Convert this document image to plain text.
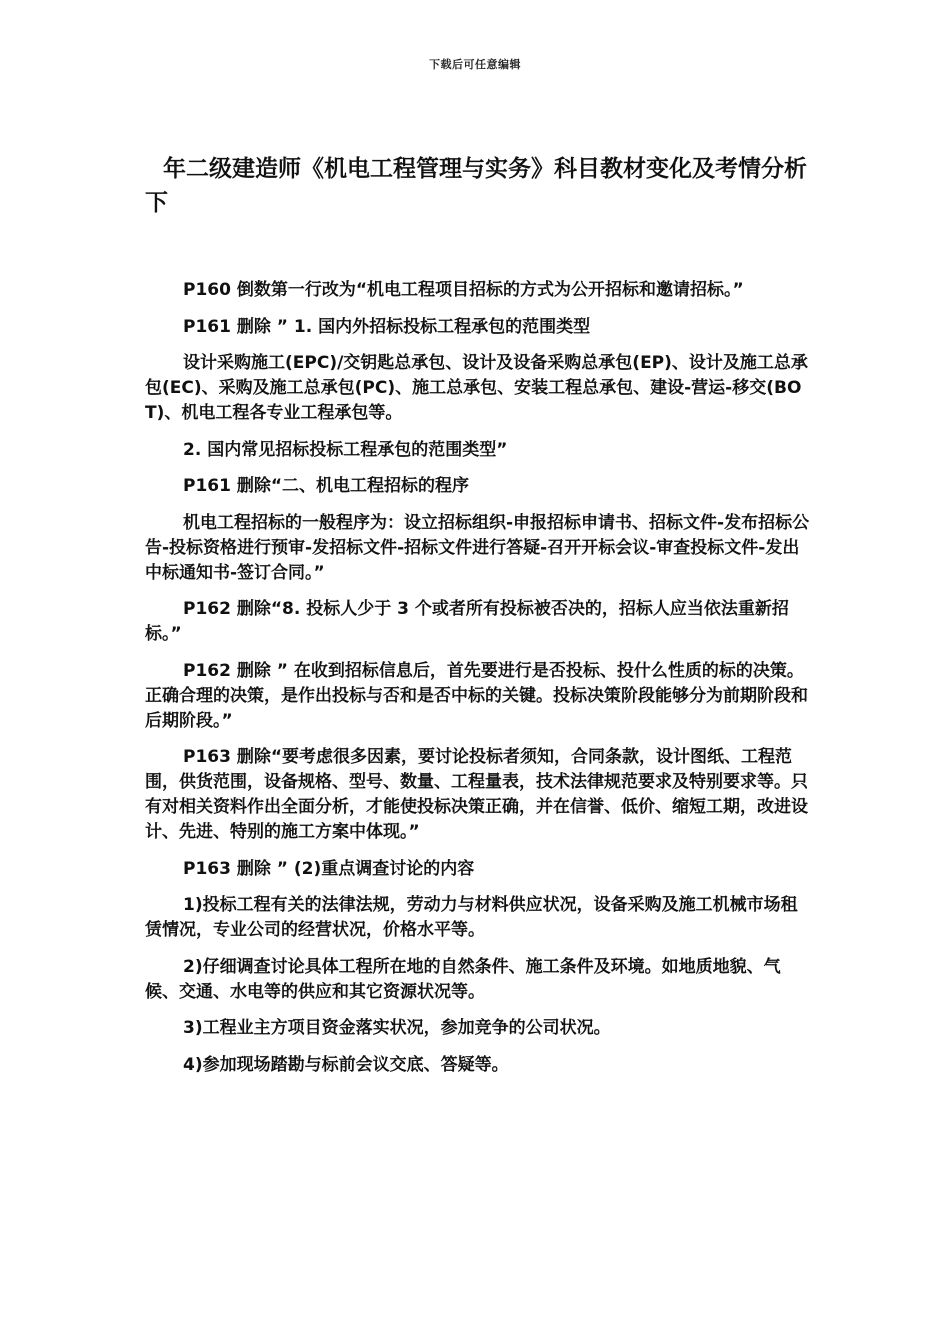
下载后可任意编辑
年二级建造师《机电工程管理与实务》科目教材变化及考情分析下

P160 倒数第一行改为“机电工程项目招标的方式为公开招标和邀请招标。”

P161 删除 ” 1. 国内外招标投标工程承包的范围类型

设计采购施工(EPC)/交钥匙总承包、设计及设备采购总承包(EP)、设计及施工总承包(EC)、采购及施工总承包(PC)、施工总承包、安装工程总承包、建设-营运-移交(BOT)、机电工程各专业工程承包等。

2. 国内常见招标投标工程承包的范围类型”

P161 删除“二、机电工程招标的程序

机电工程招标的一般程序为：设立招标组织-申报招标申请书、招标文件-发布招标公告-投标资格进行预审-发招标文件-招标文件进行答疑-召开开标会议-审查投标文件-发出中标通知书-签订合同。”

P162 删除“8. 投标人少于 3 个或者所有投标被否决的，招标人应当依法重新招标。”

P162 删除 ” 在收到招标信息后，首先要进行是否投标、投什么性质的标的决策。正确合理的决策，是作出投标与否和是否中标的关键。投标决策阶段能够分为前期阶段和后期阶段。”

P163 删除“要考虑很多因素，要讨论投标者须知，合同条款，设计图纸、工程范围，供货范围，设备规格、型号、数量、工程量表，技术法律规范要求及特别要求等。只有对相关资料作出全面分析，才能使投标决策正确，并在信誉、低价、缩短工期，改进设计、先进、特别的施工方案中体现。”

P163 删除 ” (2)重点调查讨论的内容

1)投标工程有关的法律法规，劳动力与材料供应状况，设备采购及施工机械市场租赁情况，专业公司的经营状况，价格水平等。

2)仔细调查讨论具体工程所在地的自然条件、施工条件及环境。如地质地貌、气候、交通、水电等的供应和其它资源状况等。

3)工程业主方项目资金落实状况，参加竞争的公司状况。

4)参加现场踏勘与标前会议交底、答疑等。
